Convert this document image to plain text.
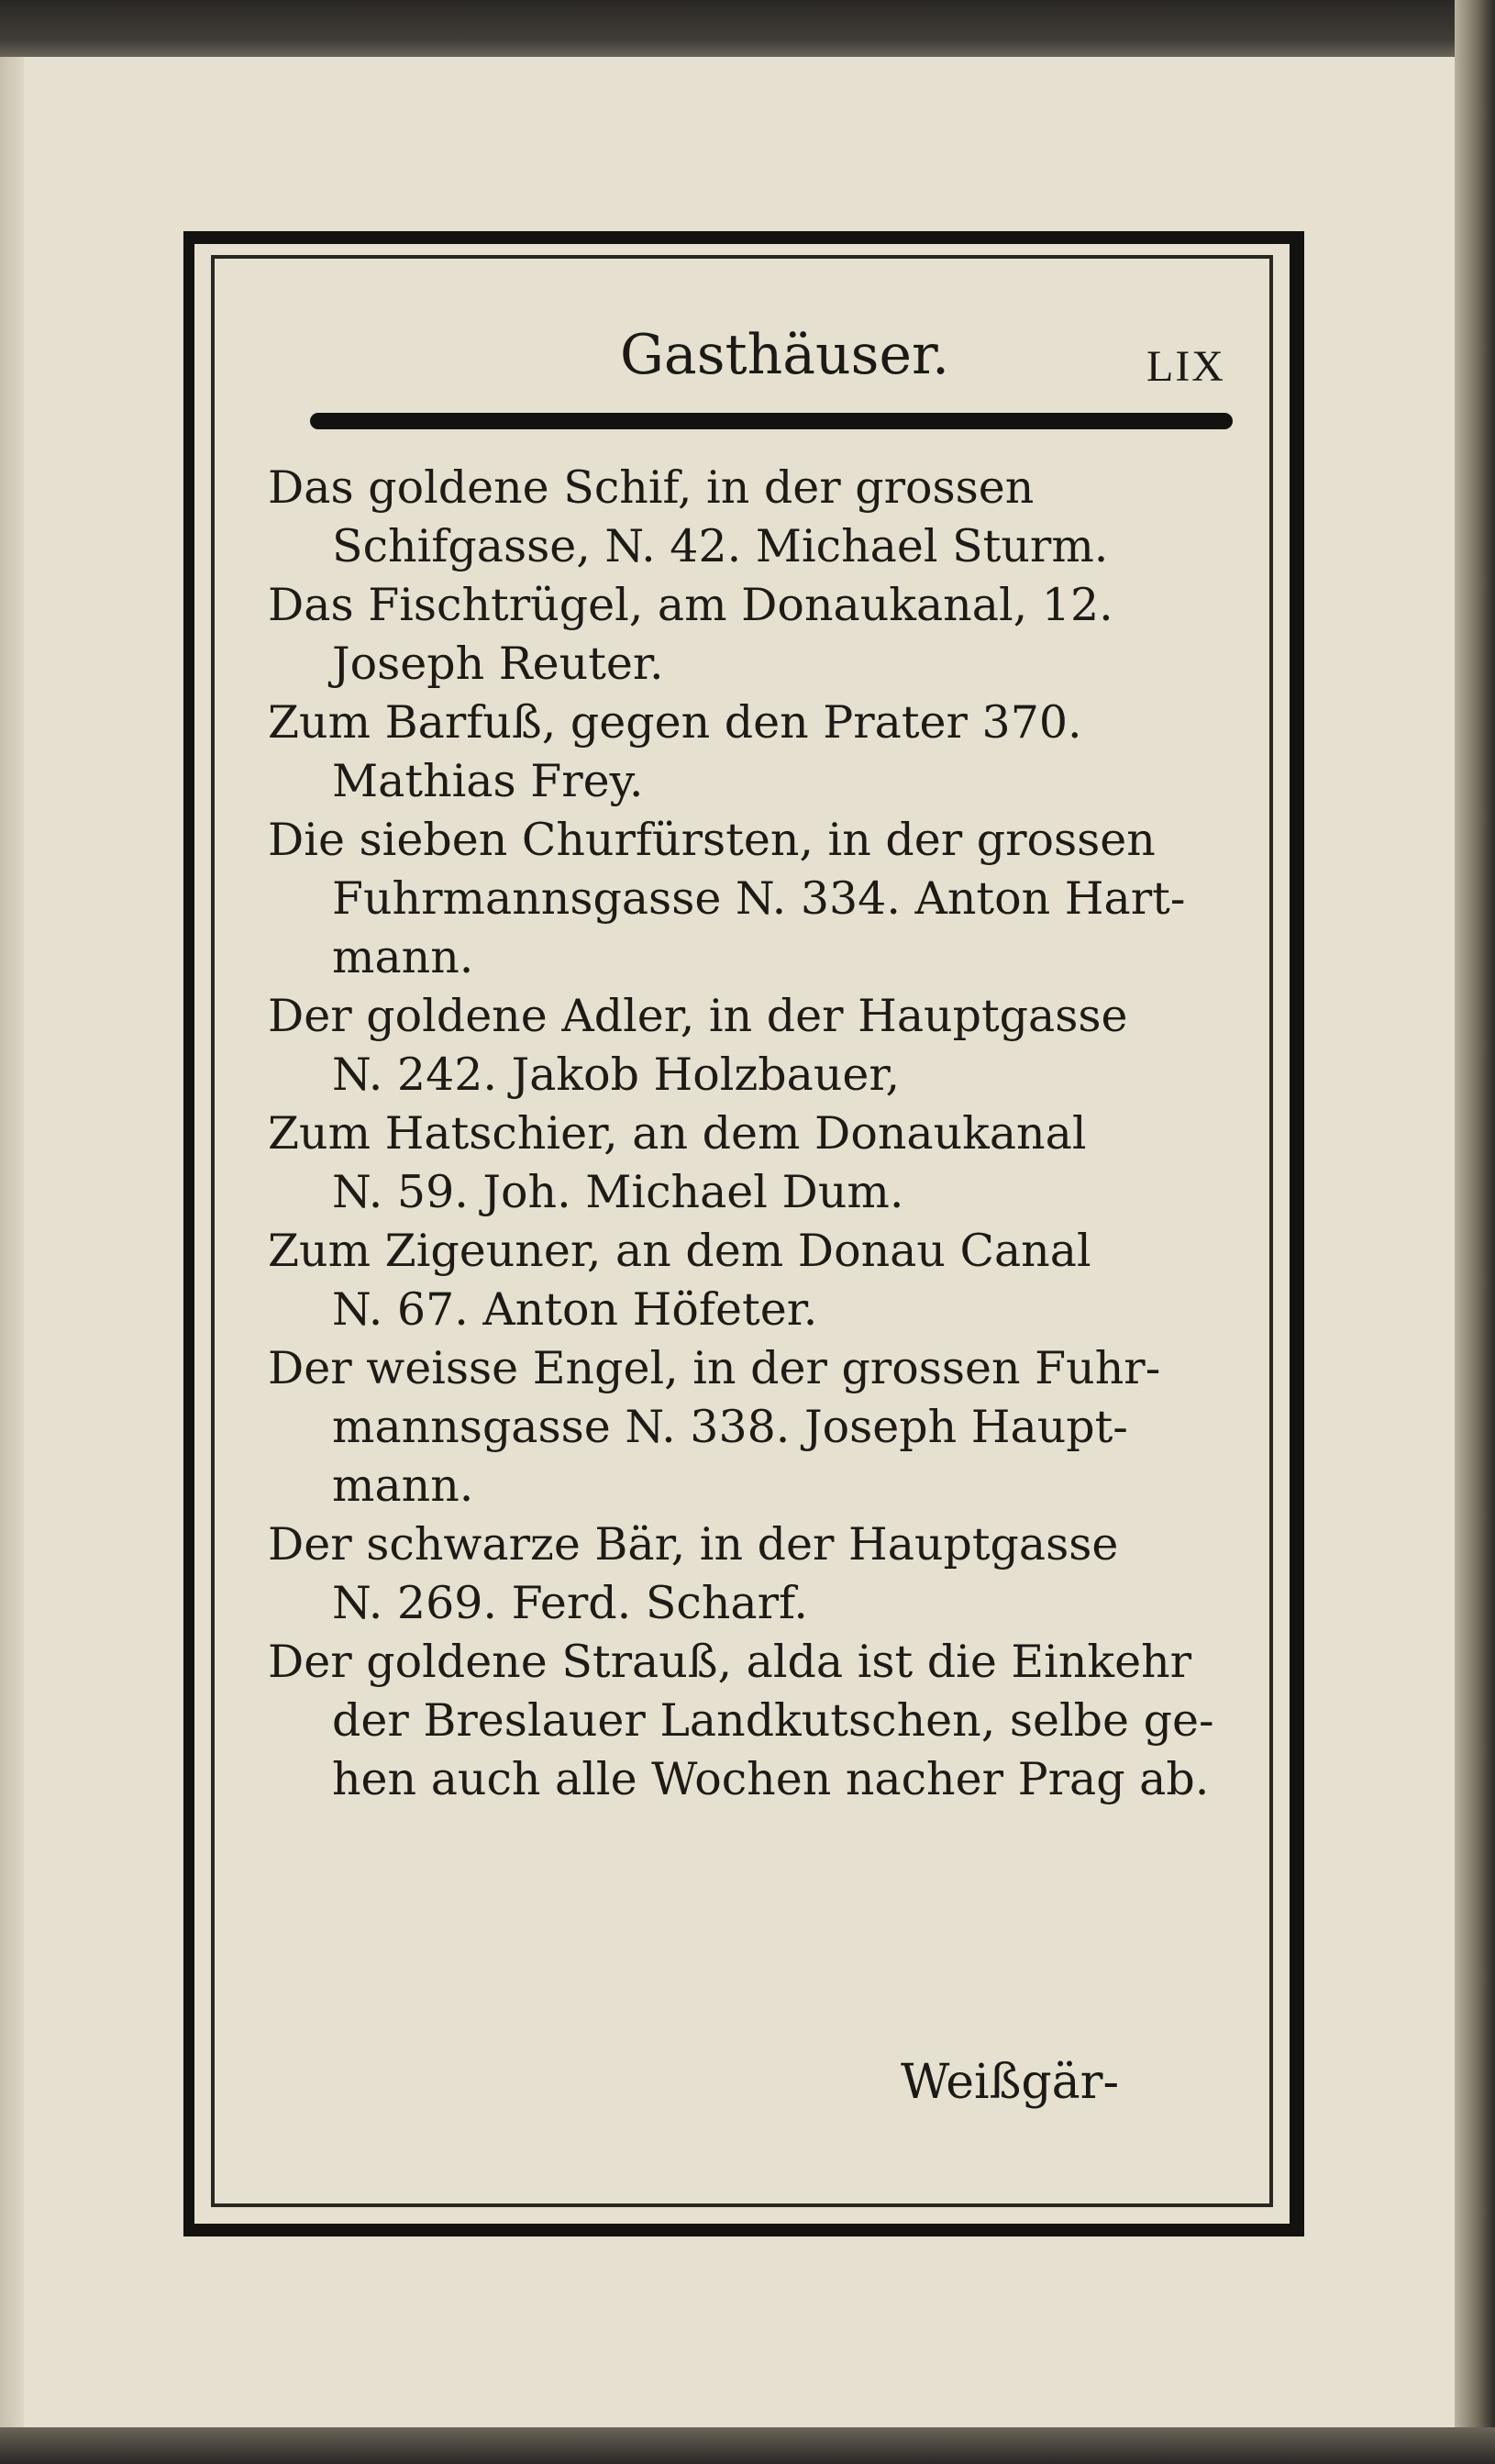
Gasthäuser.	LIX
Das goldene Schif, in der grossen
Schifgasse, N. 42. Michael Sturm.
Das Fischtrügel, am Donaukanal, 12.
Joseph Reuter.
Zum Barfuß, gegen den Prater 370.
Mathias Frey.
Die sieben Churfürsten, in der grossen
Fuhrmannsgasse N. 334. Anton Hart-
mann.
Der goldene Adler, in der Hauptgasse
N. 242. Jakob Holzbauer,
Zum Hatschier, an dem Donaukanal
N. 59. Joh. Michael Dum.
Zum Zigeuner, an dem Donau Canal
N. 67. Anton Höfeter.
Der weisse Engel, in der grossen Fuhr-
mannsgasse N. 338. Joseph Haupt-
mann.
Der schwarze Bär, in der Hauptgasse
N. 269. Ferd. Scharf.
Der goldene Strauß, alda ist die Einkehr
der Breslauer Landkutschen, selbe ge-
hen auch alle Wochen nacher Prag ab.
Weißgär-
